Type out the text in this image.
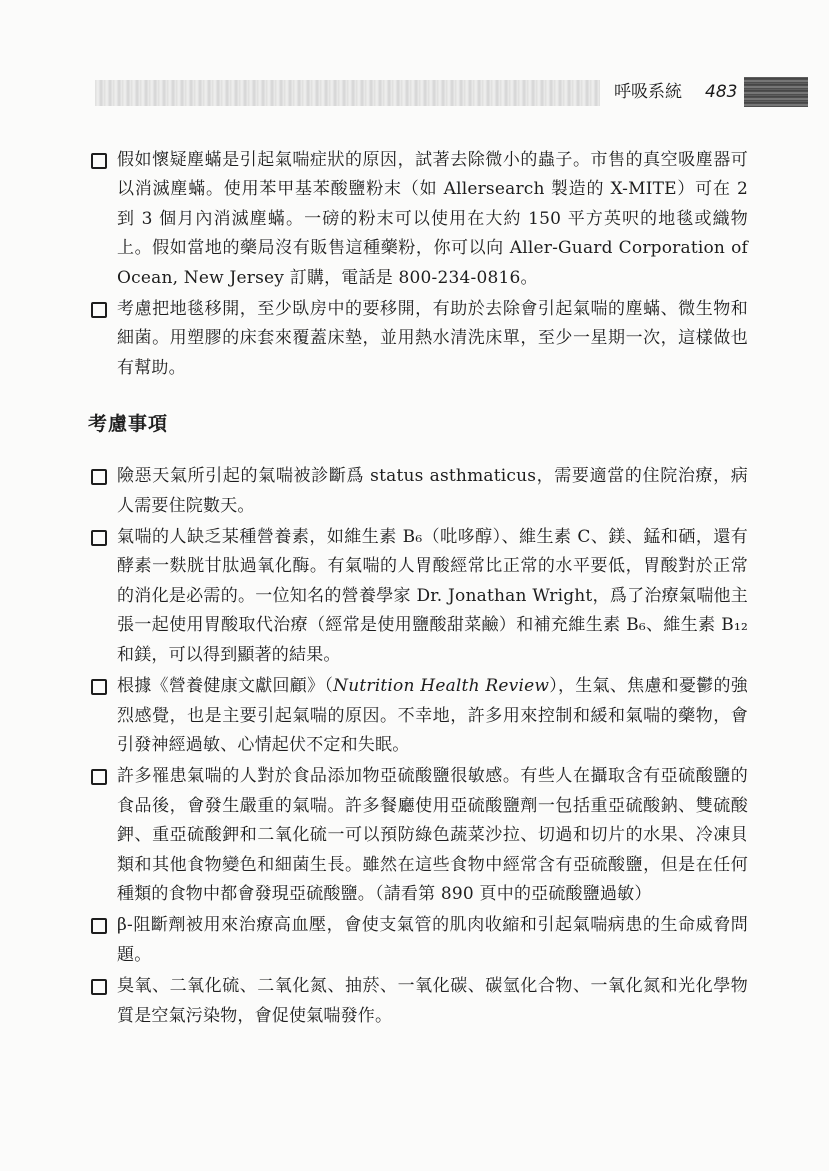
呼吸系統 483
假如懷疑塵蟎是引起氣喘症狀的原因，試著去除微小的蟲子。市售的真空吸塵器可以消滅塵蟎。使用苯甲基苯酸鹽粉末（如 Allersearch 製造的 X-MITE）可在 2 到 3 個月內消滅塵蟎。一磅的粉末可以使用在大約 150 平方英呎的地毯或織物上。假如當地的藥局沒有販售這種藥粉，你可以向 Aller-Guard Corporation of Ocean, New Jersey 訂購，電話是 800-234-0816。
考慮把地毯移開，至少臥房中的要移開，有助於去除會引起氣喘的塵蟎、微生物和細菌。用塑膠的床套來覆蓋床墊，並用熱水清洗床單，至少一星期一次，這樣做也有幫助。
考慮事項
險惡天氣所引起的氣喘被診斷爲 status asthmaticus，需要適當的住院治療，病人需要住院數天。
氣喘的人缺乏某種營養素，如維生素 B₆（吡哆醇）、維生素 C、鎂、錳和硒，還有酵素一麩胱甘肽過氧化酶。有氣喘的人胃酸經常比正常的水平要低，胃酸對於正常的消化是必需的。一位知名的營養學家 Dr. Jonathan Wright，爲了治療氣喘他主張一起使用胃酸取代治療（經常是使用鹽酸甜菜鹼）和補充維生素 B₆、維生素 B₁₂ 和鎂，可以得到顯著的結果。
根據《營養健康文獻回顧》（Nutrition Health Review），生氣、焦慮和憂鬱的強烈感覺，也是主要引起氣喘的原因。不幸地，許多用來控制和緩和氣喘的藥物，會引發神經過敏、心情起伏不定和失眠。
許多罹患氣喘的人對於食品添加物亞硫酸鹽很敏感。有些人在攝取含有亞硫酸鹽的食品後，會發生嚴重的氣喘。許多餐廳使用亞硫酸鹽劑一包括重亞硫酸鈉、雙硫酸鉀、重亞硫酸鉀和二氧化硫一可以預防綠色蔬菜沙拉、切過和切片的水果、冷凍貝類和其他食物變色和細菌生長。雖然在這些食物中經常含有亞硫酸鹽，但是在任何種類的食物中都會發現亞硫酸鹽。（請看第 890 頁中的亞硫酸鹽過敏）
β-阻斷劑被用來治療高血壓，會使支氣管的肌肉收縮和引起氣喘病患的生命威脅問題。
臭氧、二氧化硫、二氧化氮、抽菸、一氧化碳、碳氫化合物、一氧化氮和光化學物質是空氣污染物，會促使氣喘發作。
